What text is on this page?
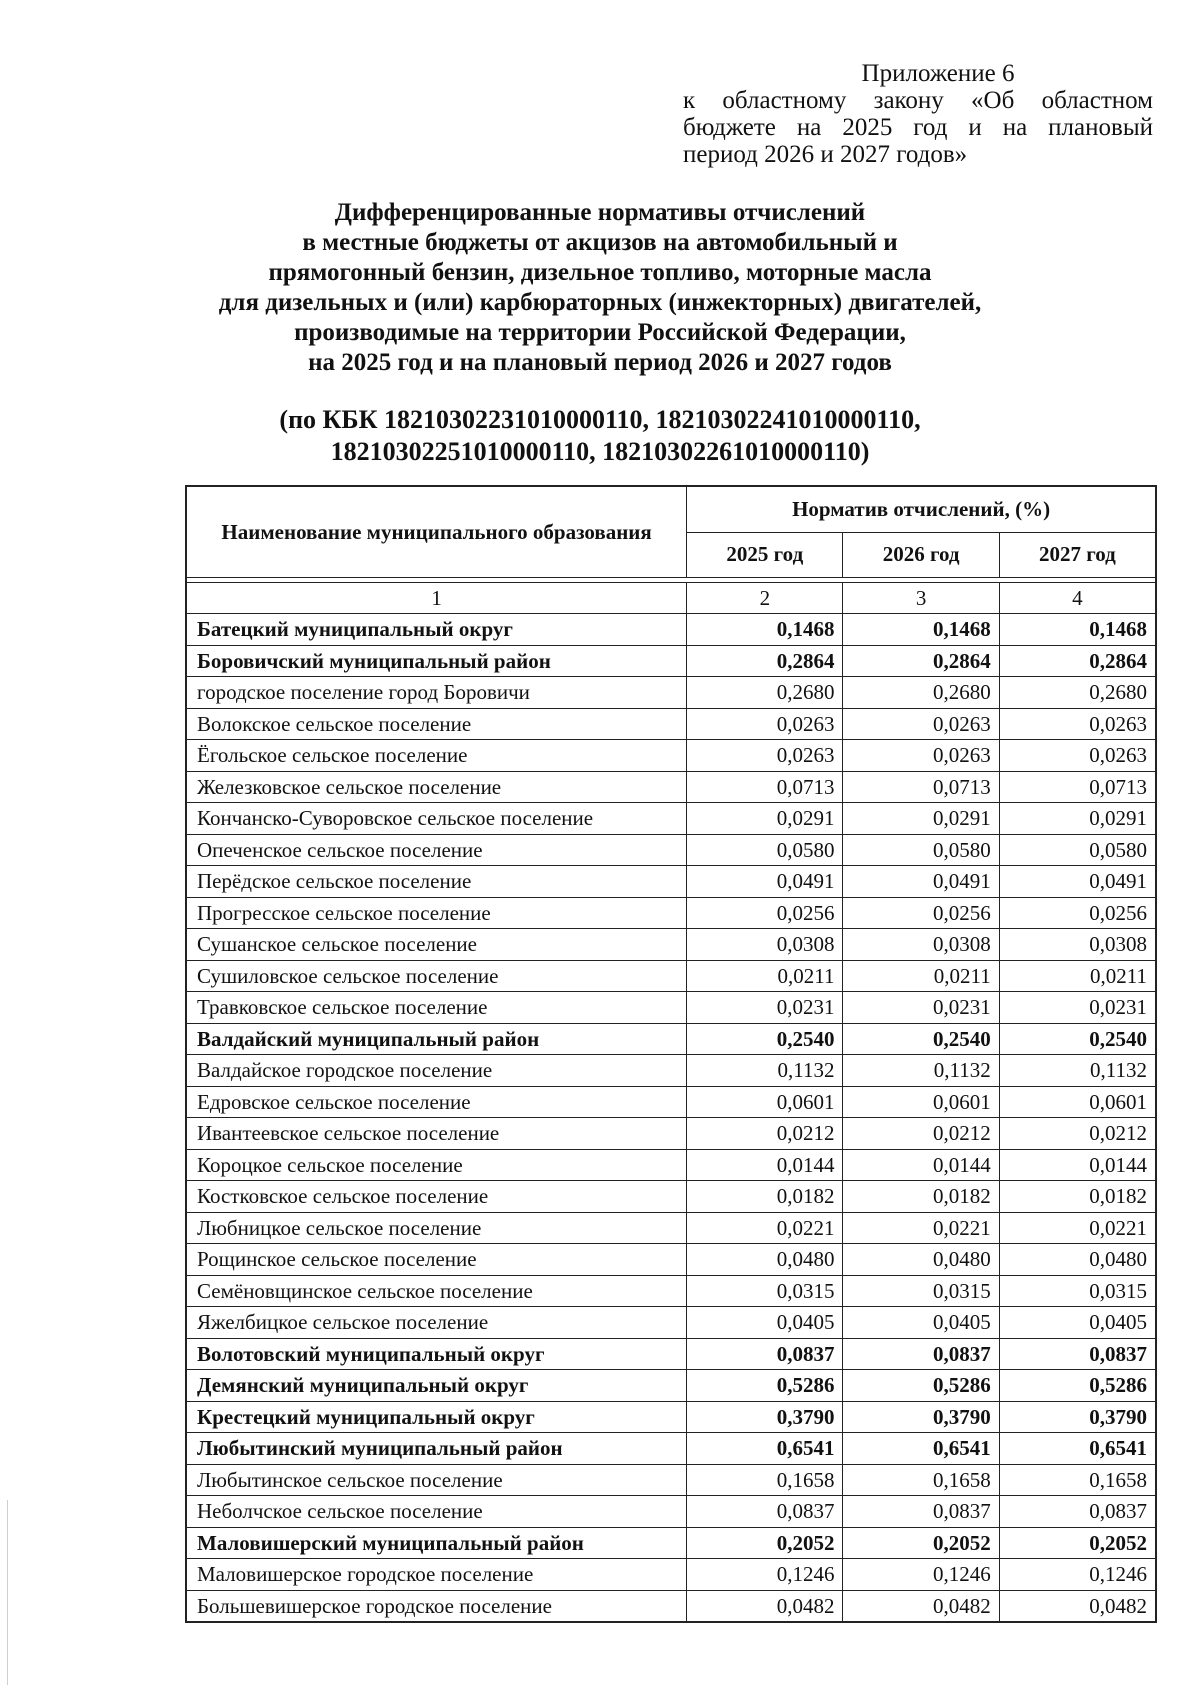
Приложение 6
к областному закону «Об областном
бюджете на 2025 год и на плановый
период 2026 и 2027 годов»
Дифференцированные нормативы отчислений
в местные бюджеты от акцизов на автомобильный и
прямогонный бензин, дизельное топливо, моторные масла
для дизельных и (или) карбюраторных (инжекторных) двигателей,
производимые на территории Российской Федерации,
на 2025 год и на плановый период 2026 и 2027 годов
(по КБК 18210302231010000110, 18210302241010000110,
18210302251010000110, 18210302261010000110)
Наименование муниципального образования	Норматив отчислений, (%)		
	2025 год	2026 год	2027 год

1	2	3	4
Батецкий муниципальный округ	0,1468	0,1468	0,1468
Боровичский муниципальный район	0,2864	0,2864	0,2864
городское поселение город Боровичи	0,2680	0,2680	0,2680
Волокское сельское поселение	0,0263	0,0263	0,0263
Ёгольское сельское поселение	0,0263	0,0263	0,0263
Железковское сельское поселение	0,0713	0,0713	0,0713
Кончанско-Суворовское сельское поселение	0,0291	0,0291	0,0291
Опеченское сельское поселение	0,0580	0,0580	0,0580
Перёдское сельское поселение	0,0491	0,0491	0,0491
Прогресское сельское поселение	0,0256	0,0256	0,0256
Сушанское сельское поселение	0,0308	0,0308	0,0308
Сушиловское сельское поселение	0,0211	0,0211	0,0211
Травковское сельское поселение	0,0231	0,0231	0,0231
Валдайский муниципальный район	0,2540	0,2540	0,2540
Валдайское городское поселение	0,1132	0,1132	0,1132
Едровское сельское поселение	0,0601	0,0601	0,0601
Ивантеевское сельское поселение	0,0212	0,0212	0,0212
Короцкое сельское поселение	0,0144	0,0144	0,0144
Костковское сельское поселение	0,0182	0,0182	0,0182
Любницкое сельское поселение	0,0221	0,0221	0,0221
Рощинское сельское поселение	0,0480	0,0480	0,0480
Семёновщинское сельское поселение	0,0315	0,0315	0,0315
Яжелбицкое сельское поселение	0,0405	0,0405	0,0405
Волотовский муниципальный округ	0,0837	0,0837	0,0837
Демянский муниципальный округ	0,5286	0,5286	0,5286
Крестецкий муниципальный округ	0,3790	0,3790	0,3790
Любытинский муниципальный район	0,6541	0,6541	0,6541
Любытинское сельское поселение	0,1658	0,1658	0,1658
Неболчское сельское поселение	0,0837	0,0837	0,0837
Маловишерский муниципальный район	0,2052	0,2052	0,2052
Маловишерское городское поселение	0,1246	0,1246	0,1246
Большевишерское городское поселение	0,0482	0,0482	0,0482
